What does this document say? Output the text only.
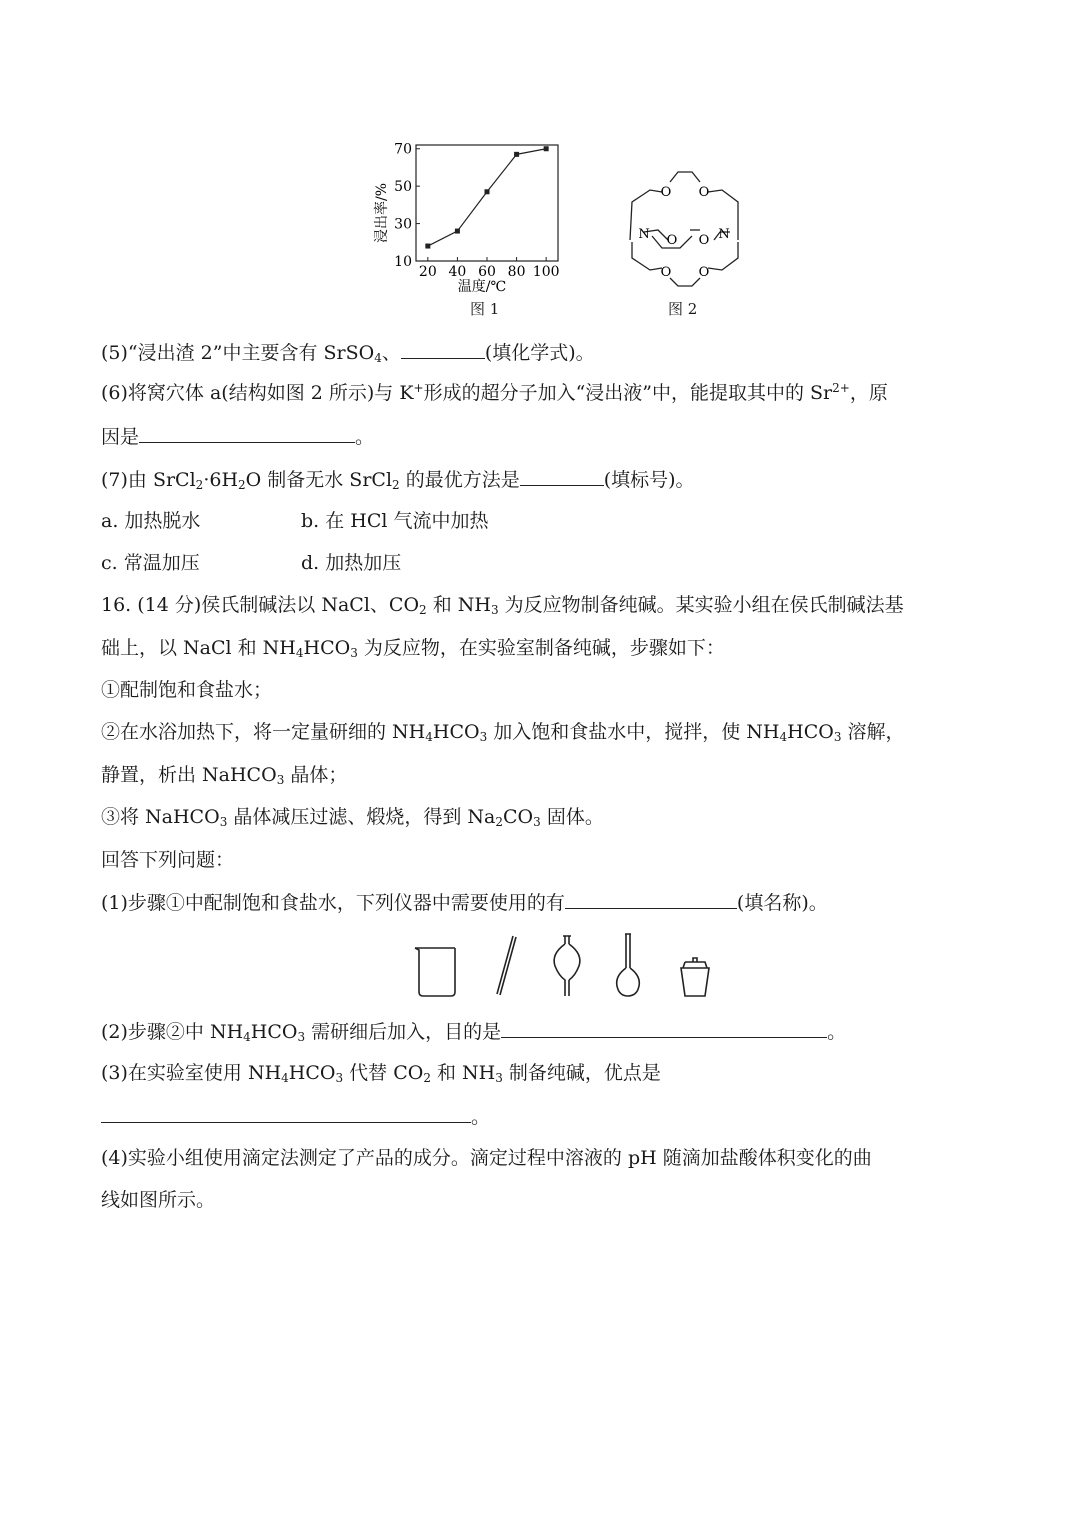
20 40 60 80 100
10
30
50
70
温度/℃
浸出率/%
图 1
O O
N O O N
O O
图 2
(5)“浸出渣 2”中主要含有 SrSO$_4$、	(填化学式)。
(6)将窝穴体 a(结构如图 2 所示)与 K+形成的超分子加入“浸出液”中，能提取其中的 $Sr^{2+}$，原
因是	。
(7)由 $SrCl_2\cdot 6H_2O$ 制备无水 SrCl$_2$ 的最优方法是	(填标号)。
a. 加热脱水	b. 在 HCl 气流中加热
c. 常温加压	d. 加热加压
16. (14 分)侯氏制碱法以 NaCl、$CO_2$ 和 $NH_3$ 为反应物制备纯碱。某实验小组在侯氏制碱法基
础上，以 NaCl 和 $NH_4HCO_3$ 为反应物，在实验室制备纯碱，步骤如下：
①配制饱和食盐水；
②在水浴加热下，将一定量研细的 $NH_4HCO_3$ 加入饱和食盐水中，搅拌，使 $NH_4HCO_3$ 溶解，
静置，析出 NaHCO$_3$ 晶体；
③将 NaHCO$_3$ 晶体减压过滤、煅烧，得到 $Na_2CO_3$ 固体。
回答下列问题：
(1)步骤①中配制饱和食盐水，下列仪器中需要使用的有	(填名称)。
(2)步骤②中 $NH_4HCO_3$ 需研细后加入，目的是	。
(3)在实验室使用 $NH_4HCO_3$ 代替 $CO_2$ 和 $NH_3$ 制备纯碱，优点是
。
(4)实验小组使用滴定法测定了产品的成分。滴定过程中溶液的 pH 随滴加盐酸体积变化的曲
线如图所示。
